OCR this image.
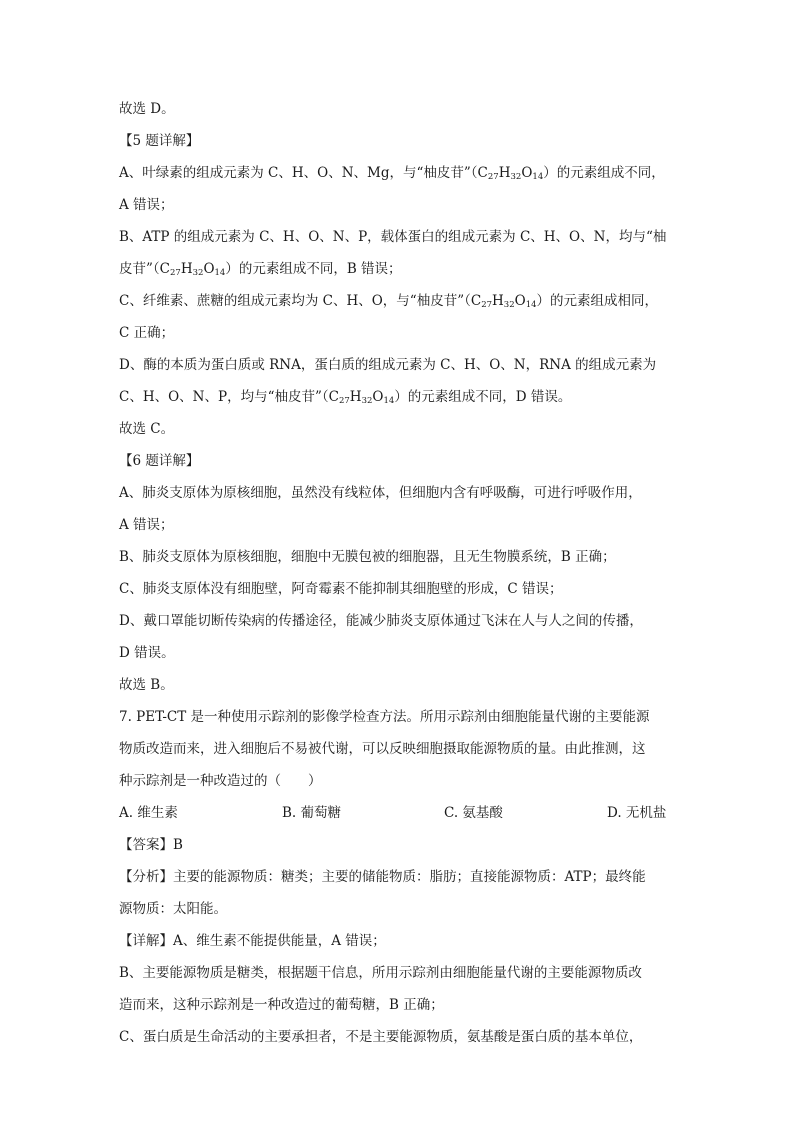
故选 D。
【5 题详解】
A、叶绿素的组成元素为 C、H、O、N、Mg，与“柚皮苷$”(C_{27}H_{32}O_{14})$的元素组成不同，
A 错误；
B、ATP 的组成元素为 C、H、O、N、P，载体蛋白的组成元素为 C、H、O、N，均与“柚
皮苷$”(C_{27}H_{32}O_{14})$的元素组成不同，B 错误；
C、纤维素、蔗糖的组成元素均为 C、H、O，与“柚皮苷$”(C_{27}H_{32}O_{14})$的元素组成相同，
C 正确；
D、酶的本质为蛋白质或 RNA，蛋白质的组成元素为 C、H、O、N，RNA 的组成元素为
C、H、O、N、P，均与“柚皮苷$”(C_{27}H_{32}O_{14})$的元素组成不同，D 错误。
故选 C。
【6 题详解】
A、肺炎支原体为原核细胞，虽然没有线粒体，但细胞内含有呼吸酶，可进行呼吸作用，
A 错误；
B、肺炎支原体为原核细胞，细胞中无膜包被的细胞器，且无生物膜系统，B 正确；
C、肺炎支原体没有细胞壁，阿奇霉素不能抑制其细胞壁的形成，C 错误；
D、戴口罩能切断传染病的传播途径，能减少肺炎支原体通过飞沫在人与人之间的传播，
D 错误。
故选 B。
7. PET-CT 是一种使用示踪剂的影像学检查方法。所用示踪剂由细胞能量代谢的主要能源
物质改造而来，进入细胞后不易被代谢，可以反映细胞摄取能源物质的量。由此推测，这
种示踪剂是一种改造过的（　　）
A. 维生素	B. 葡萄糖	C. 氨基酸	D. 无机盐
【答案】B
【分析】主要的能源物质：糖类；主要的储能物质：脂肪；直接能源物质：ATP；最终能
源物质：太阳能。
【详解】A、维生素不能提供能量，A 错误；
B、主要能源物质是糖类，根据题干信息，所用示踪剂由细胞能量代谢的主要能源物质改
造而来，这种示踪剂是一种改造过的葡萄糖，B 正确；
C、蛋白质是生命活动的主要承担者，不是主要能源物质，氨基酸是蛋白质的基本单位，
